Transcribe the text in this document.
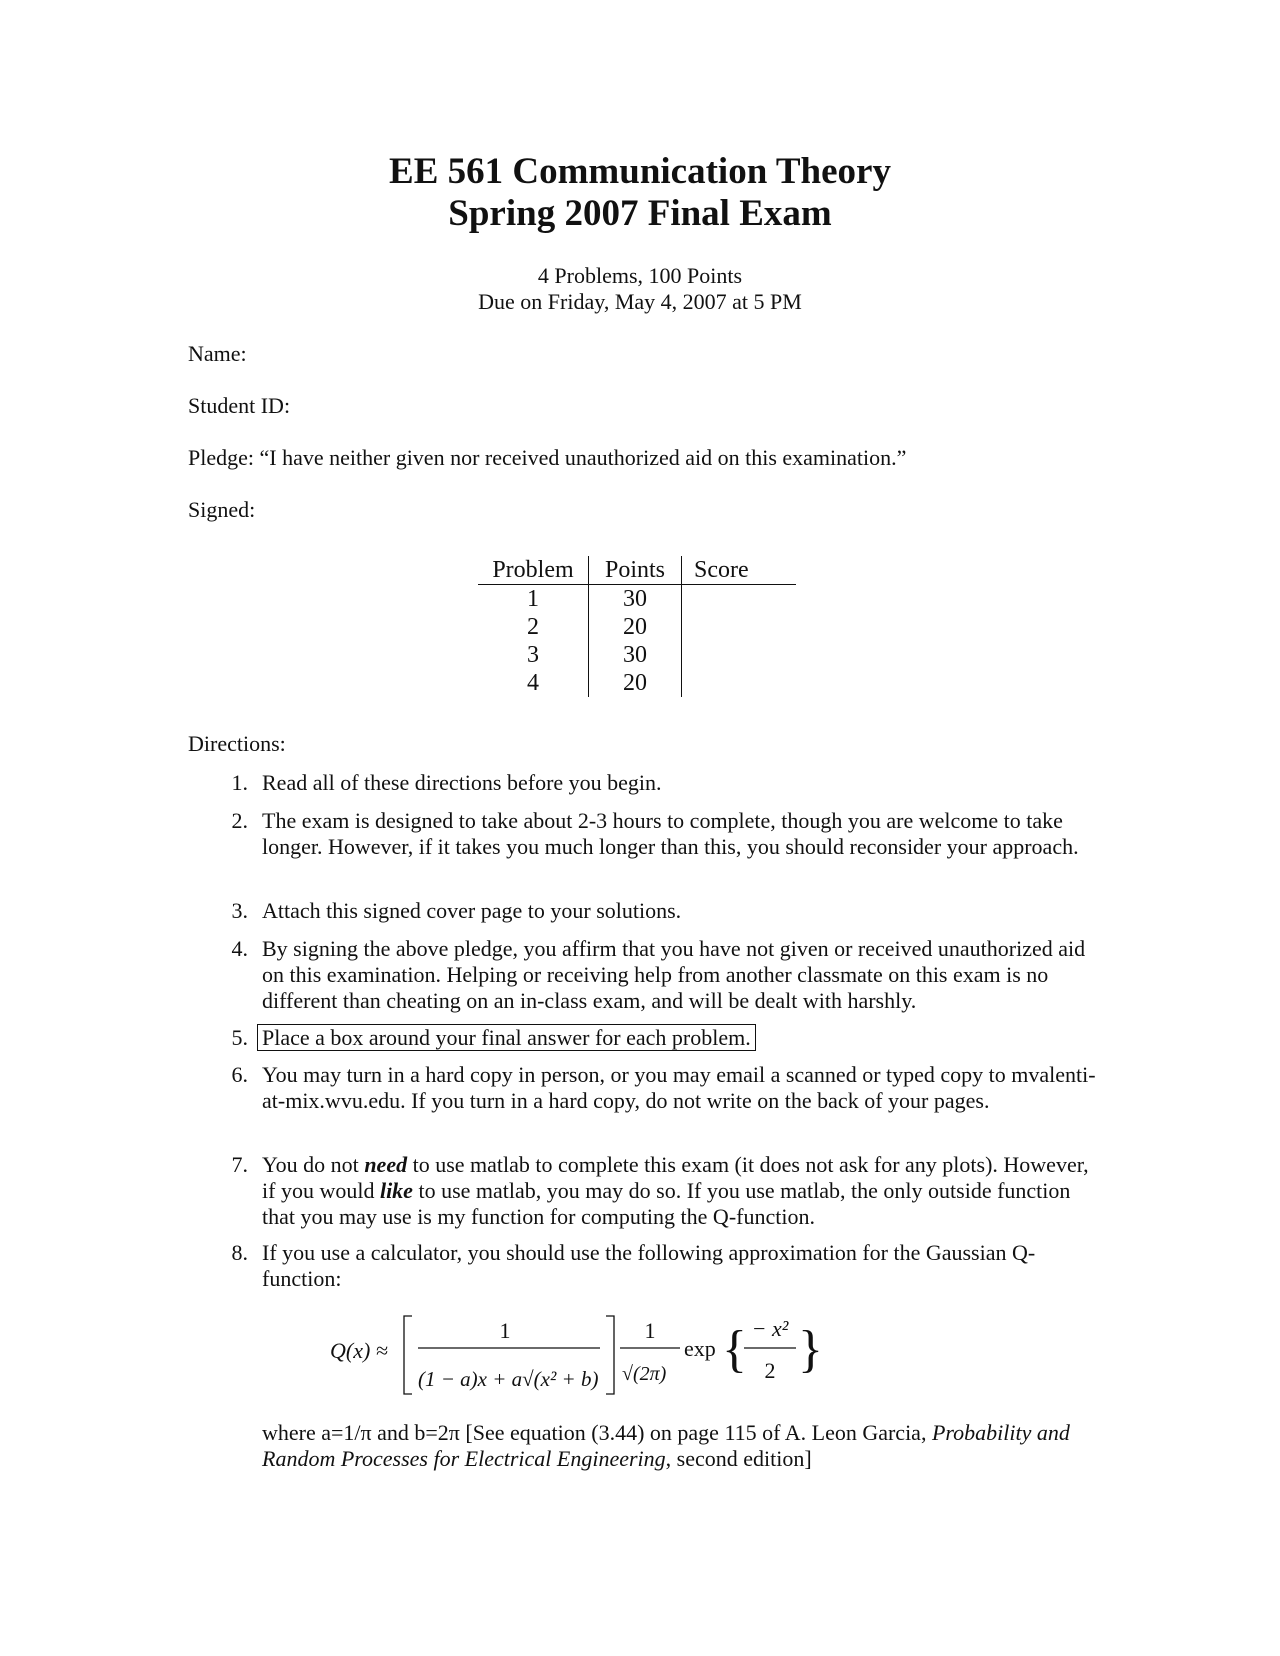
EE 561 Communication Theory
Spring 2007 Final Exam
4 Problems, 100 Points
Due on Friday, May 4, 2007 at 5 PM
Name:
Student ID:
Pledge: “I have neither given nor received unauthorized aid on this examination.”
Signed:
Problem	Points	Score
1	30	
2	20	
3	30	
4	20	
Directions:
1. Read all of these directions before you begin.
2. The exam is designed to take about 2-3 hours to complete, though you are welcome to take longer. However, if it takes you much longer than this, you should reconsider your approach.
3. Attach this signed cover page to your solutions.
4. By signing the above pledge, you affirm that you have not given or received unauthorized aid on this examination. Helping or receiving help from another classmate on this exam is no different than cheating on an in-class exam, and will be dealt with harshly.
5. Place a box around your final answer for each problem.
6. You may turn in a hard copy in person, or you may email a scanned or typed copy to mvalenti-at-mix.wvu.edu. If you turn in a hard copy, do not write on the back of your pages.
7. You do not need to use matlab to complete this exam (it does not ask for any plots). However, if you would like to use matlab, you may do so. If you use matlab, the only outside function that you may use is my function for computing the Q-function.
8. If you use a calculator, you should use the following approximation for the Gaussian Q-function:
Q(x) ≈
1
(1 − a)x + a√(x² + b)
1
√(2π)
exp { − x²
2 }
where a=1/π and b=2π [See equation (3.44) on page 115 of A. Leon Garcia, Probability and Random Processes for Electrical Engineering, second edition]
